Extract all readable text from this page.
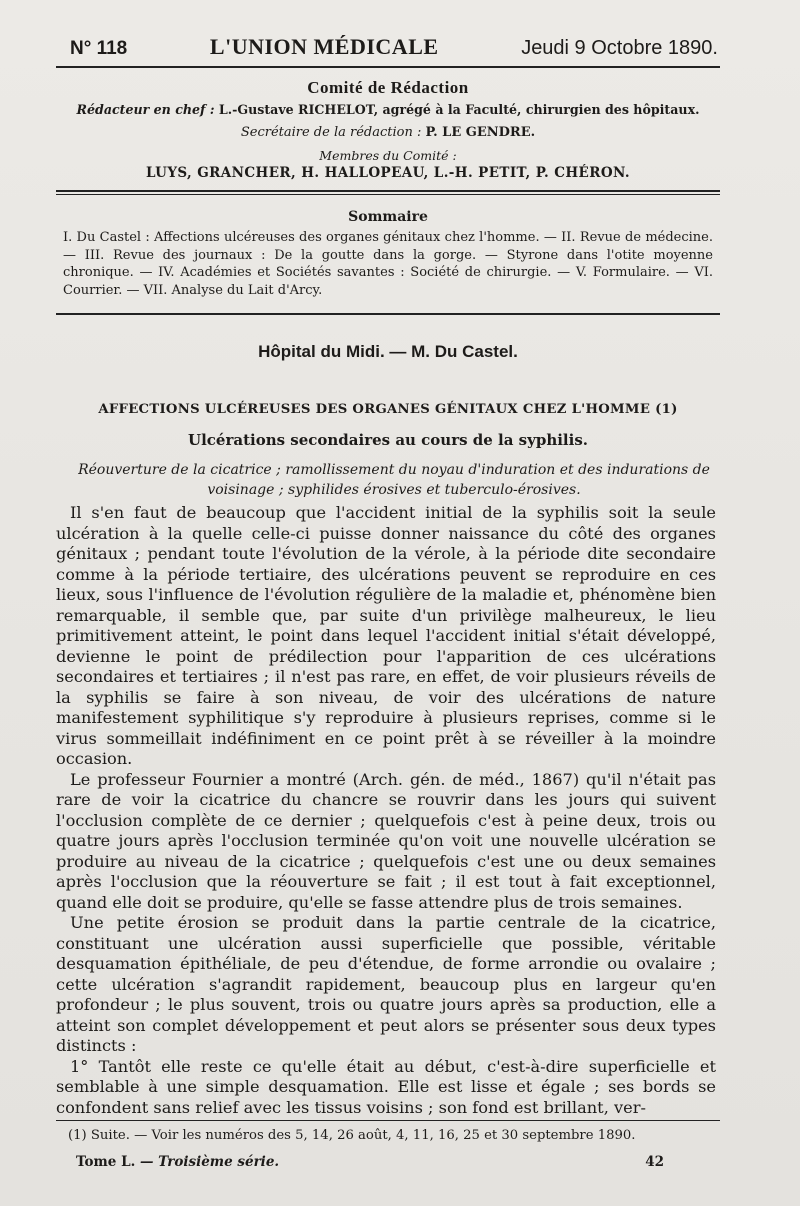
N° 118	L'UNION MÉDICALE	Jeudi 9 Octobre 1890.
Comité de Rédaction
Rédacteur en chef : L.-Gustave RICHELOT, agrégé à la Faculté, chirurgien des hôpitaux.
Secrétaire de la rédaction : P. LE GENDRE.
Membres du Comité :
LUYS, GRANCHER, H. HALLOPEAU, L.-H. PETIT, P. CHÉRON.
Sommaire
I. Du Castel : Affections ulcéreuses des organes génitaux chez l'homme. — II. Revue de médecine. — III. Revue des journaux : De la goutte dans la gorge. — Styrone dans l'otite moyenne chronique. — IV. Académies et Sociétés savantes : Société de chirurgie. — V. Formulaire. — VI. Courrier. — VII. Analyse du Lait d'Arcy.
Hôpital du Midi. — M. Du Castel.
AFFECTIONS ULCÉREUSES DES ORGANES GÉNITAUX CHEZ L'HOMME (1)
Ulcérations secondaires au cours de la syphilis.
Réouverture de la cicatrice ; ramollissement du noyau d'induration et des indurations de voisinage ; syphilides érosives et tuberculo-érosives.

Il s'en faut de beaucoup que l'accident initial de la syphilis soit la seule ulcération à la quelle celle-ci puisse donner naissance du côté des organes génitaux ; pendant toute l'évolution de la vérole, à la période dite secondaire comme à la période tertiaire, des ulcérations peuvent se reproduire en ces lieux, sous l'influence de l'évolution régulière de la maladie et, phénomène bien remarquable, il semble que, par suite d'un privilège malheureux, le lieu primitivement atteint, le point dans lequel l'accident initial s'était développé, devienne le point de prédilection pour l'apparition de ces ulcérations secondaires et tertiaires ; il n'est pas rare, en effet, de voir plusieurs réveils de la syphilis se faire à son niveau, de voir des ulcérations de nature manifestement syphilitique s'y reproduire à plusieurs reprises, comme si le virus sommeillait indéfiniment en ce point prêt à se réveiller à la moindre occasion.

Le professeur Fournier a montré (Arch. gén. de méd., 1867) qu'il n'était pas rare de voir la cicatrice du chancre se rouvrir dans les jours qui suivent l'occlusion complète de ce dernier ; quelquefois c'est à peine deux, trois ou quatre jours après l'occlusion terminée qu'on voit une nouvelle ulcération se produire au niveau de la cicatrice ; quelquefois c'est une ou deux semaines après l'occlusion que la réouverture se fait ; il est tout à fait exceptionnel, quand elle doit se produire, qu'elle se fasse attendre plus de trois semaines.

Une petite érosion se produit dans la partie centrale de la cicatrice, constituant une ulcération aussi superficielle que possible, véritable desquamation épithéliale, de peu d'étendue, de forme arrondie ou ovalaire ; cette ulcération s'agrandit rapidement, beaucoup plus en largeur qu'en profondeur ; le plus souvent, trois ou quatre jours après sa production, elle a atteint son complet développement et peut alors se présenter sous deux types distincts :

1° Tantôt elle reste ce qu'elle était au début, c'est-à-dire superficielle et semblable à une simple desquamation. Elle est lisse et égale ; ses bords se confondent sans relief avec les tissus voisins ; son fond est brillant, ver-

(1) Suite. — Voir les numéros des 5, 14, 26 août, 4, 11, 16, 25 et 30 septembre 1890.
Tome L. — Troisième série.	42
